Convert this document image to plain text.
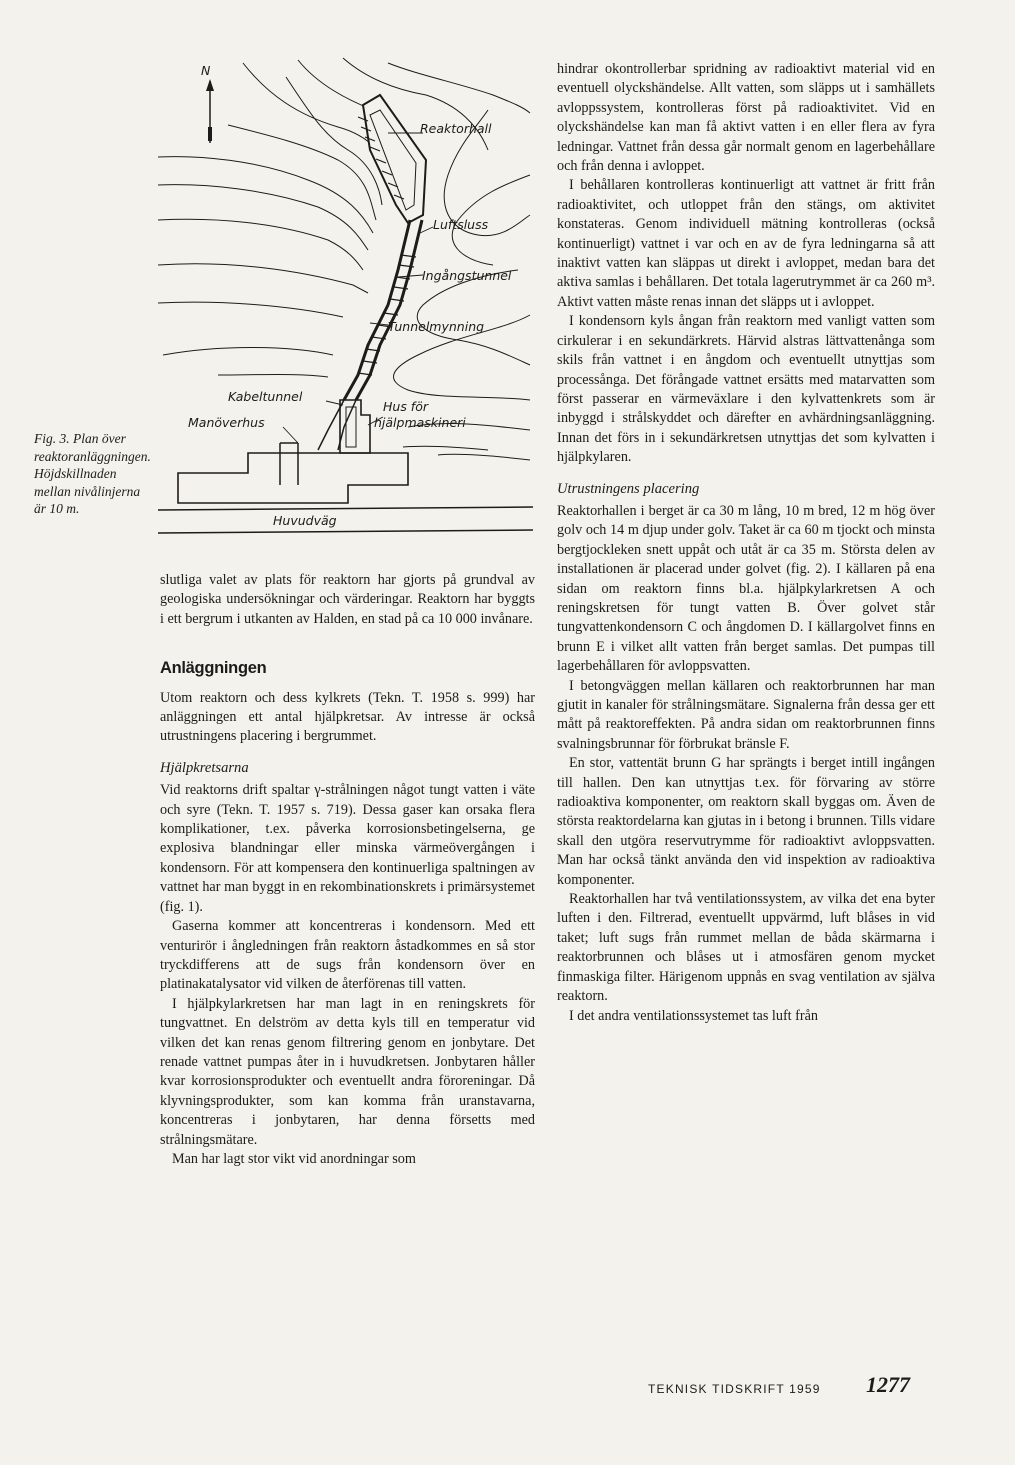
Fig. 3. Plan över reaktoranläggningen. Höjdskillnaden mellan nivålinjerna är 10 m.
N
Reaktorhall
Luftsluss
Ingångstunnel
Tunnelmynning
Kabeltunnel
Manöverhus
Hus för
hjälpmaskineri
Huvudväg

slutliga valet av plats för reaktorn har gjorts på grundval av geologiska undersökningar och värderingar. Reaktorn har byggts i ett bergrum i utkanten av Halden, en stad på ca 10 000 invånare.

Anläggningen

Utom reaktorn och dess kylkrets (Tekn. T. 1958 s. 999) har anläggningen ett antal hjälpkretsar. Av intresse är också utrustningens placering i bergrummet.

Hjälpkretsarna

Vid reaktorns drift spaltar γ-strålningen något tungt vatten i väte och syre (Tekn. T. 1957 s. 719). Dessa gaser kan orsaka flera komplikationer, t.ex. påverka korrosionsbetingelserna, ge explosiva blandningar eller minska värmeövergången i kondensorn. För att kompensera den kontinuerliga spaltningen av vattnet har man byggt in en rekombinationskrets i primärsystemet (fig. 1).

Gaserna kommer att koncentreras i kondensorn. Med ett venturirör i ångledningen från reaktorn åstadkommes en så stor tryckdifferens att de sugs från kondensorn över en platinakatalysator vid vilken de återförenas till vatten.

I hjälpkylarkretsen har man lagt in en reningskrets för tungvattnet. En delström av detta kyls till en temperatur vid vilken det kan renas genom filtrering genom en jonbytare. Det renade vattnet pumpas åter in i huvudkretsen. Jonbytaren håller kvar korrosionsprodukter och eventuellt andra föroreningar. Då klyvningsprodukter, som kan komma från uranstavarna, koncentreras i jonbytaren, har denna försetts med strålningsmätare.

Man har lagt stor vikt vid anordningar som

hindrar okontrollerbar spridning av radioaktivt material vid en eventuell olyckshändelse. Allt vatten, som släpps ut i samhällets avloppssystem, kontrolleras först på radioaktivitet. Vid en olyckshändelse kan man få aktivt vatten i en eller flera av fyra ledningar. Vattnet från dessa går normalt genom en lagerbehållare och från denna i avloppet.

I behållaren kontrolleras kontinuerligt att vattnet är fritt från radioaktivitet, och utloppet från den stängs, om aktivitet konstateras. Genom individuell mätning kontrolleras (också kontinuerligt) vattnet i var och en av de fyra ledningarna så att inaktivt vatten kan släppas ut direkt i avloppet, medan bara det aktiva samlas i behållaren. Det totala lagerutrymmet är ca 260 m³. Aktivt vatten måste renas innan det släpps ut i avloppet.

I kondensorn kyls ångan från reaktorn med vanligt vatten som cirkulerar i en sekundärkrets. Härvid alstras lättvattenånga som skils från vattnet i en ångdom och eventuellt utnyttjas som processånga. Det förångade vattnet ersätts med matarvatten som först passerar en värmeväxlare i den kylvattenkrets som är inbyggd i strålskyddet och därefter en avhärdningsanläggning. Innan det förs in i sekundärkretsen utnyttjas det som kylvatten i hjälpkylaren.

Utrustningens placering

Reaktorhallen i berget är ca 30 m lång, 10 m bred, 12 m hög över golv och 14 m djup under golv. Taket är ca 60 m tjockt och minsta bergtjockleken snett uppåt och utåt är ca 35 m. Största delen av installationen är placerad under golvet (fig. 2). I källaren på ena sidan om reaktorn finns bl.a. hjälpkylarkretsen A och reningskretsen för tungt vatten B. Över golvet står tungvattenkondensorn C och ångdomen D. I källargolvet finns en brunn E i vilket allt vatten från berget samlas. Det pumpas till lagerbehållaren för avloppsvatten.

I betongväggen mellan källaren och reaktorbrunnen har man gjutit in kanaler för strålningsmätare. Signalerna från dessa ger ett mått på reaktoreffekten. På andra sidan om reaktorbrunnen finns svalningsbrunnar för förbrukat bränsle F.

En stor, vattentät brunn G har sprängts i berget intill ingången till hallen. Den kan utnyttjas t.ex. för förvaring av större radioaktiva komponenter, om reaktorn skall byggas om. Även de största reaktordelarna kan gjutas in i betong i brunnen. Tills vidare skall den utgöra reservutrymme för radioaktivt avloppsvatten. Man har också tänkt använda den vid inspektion av radioaktiva komponenter.

Reaktorhallen har två ventilationssystem, av vilka det ena byter luften i den. Filtrerad, eventuellt uppvärmd, luft blåses in vid taket; luft sugs från rummet mellan de båda skärmarna i reaktorbrunnen och blåses ut i atmosfären genom mycket finmaskiga filter. Härigenom uppnås en svag ventilation av själva reaktorn.

I det andra ventilationssystemet tas luft från

TEKNISK TIDSKRIFT 1959 1277
